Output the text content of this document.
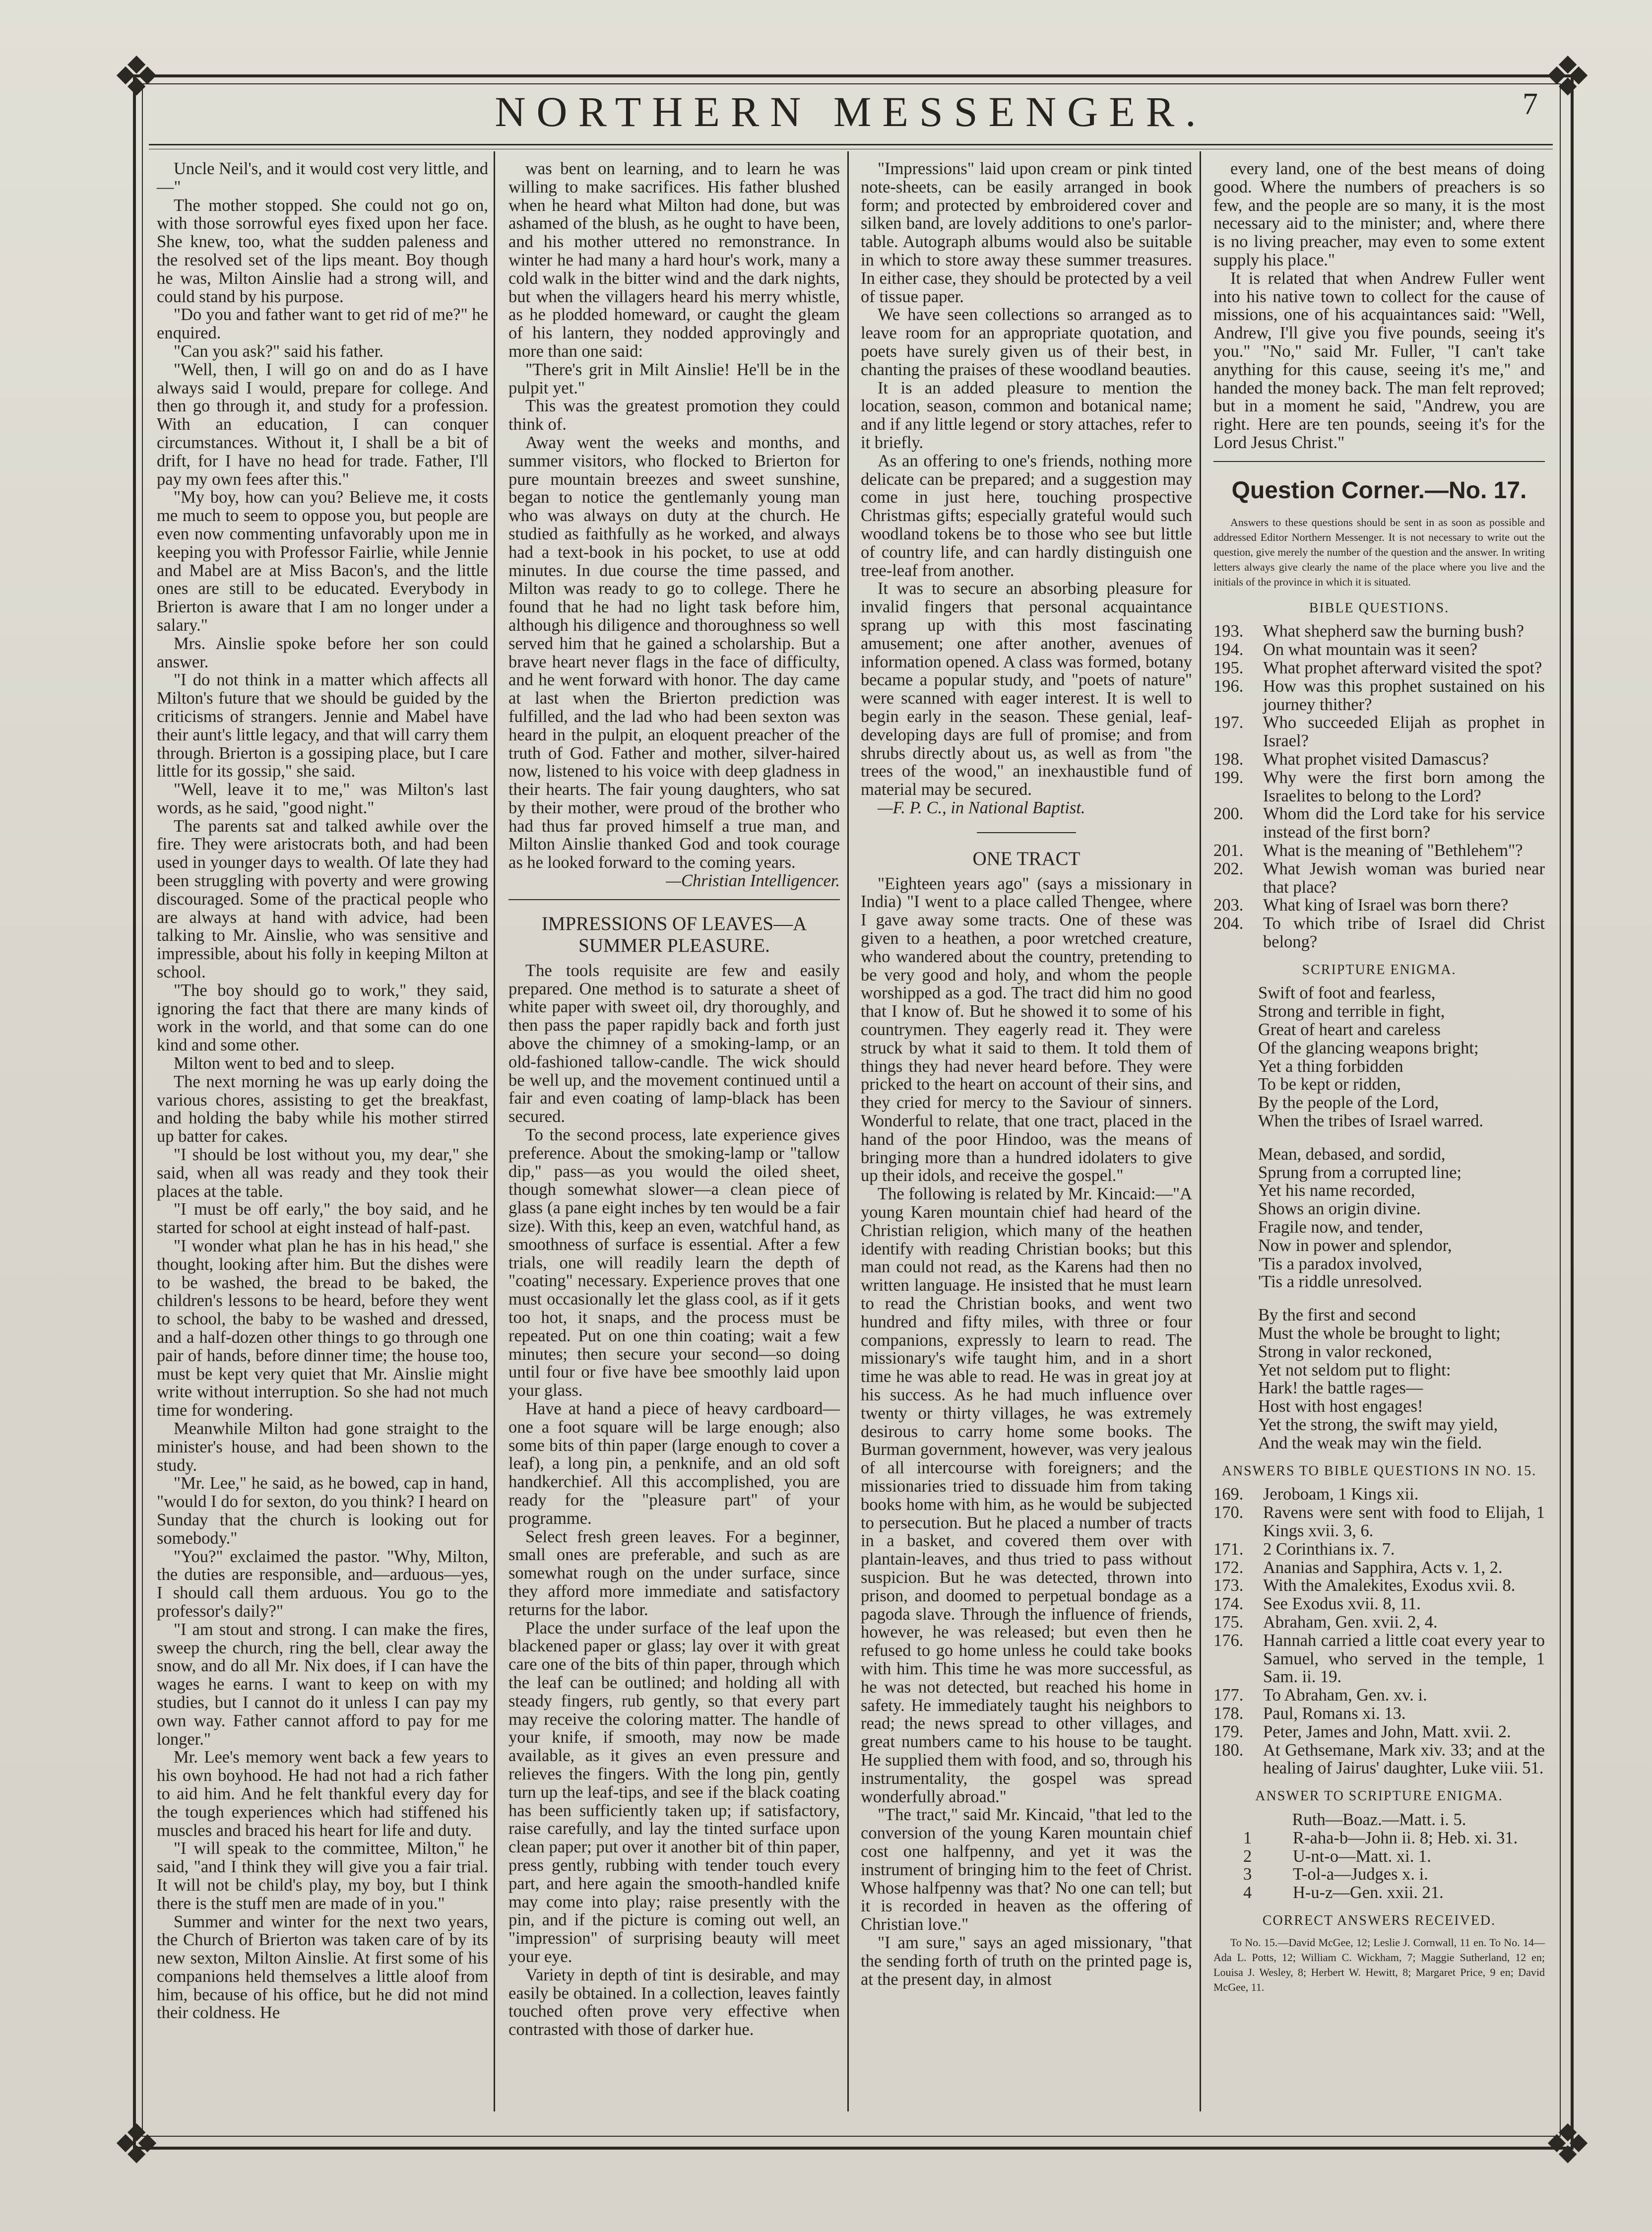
❖	❖
❖	❖
NORTHERN MESSENGER.	7

Uncle Neil's, and it would cost very little, and—"

The mother stopped. She could not go on, with those sorrowful eyes fixed upon her face. She knew, too, what the sudden paleness and the resolved set of the lips meant. Boy though he was, Milton Ainslie had a strong will, and could stand by his purpose.

"Do you and father want to get rid of me?" he enquired.

"Can you ask?" said his father.

"Well, then, I will go on and do as I have always said I would, prepare for college. And then go through it, and study for a profession. With an education, I can conquer circumstances. Without it, I shall be a bit of drift, for I have no head for trade. Father, I'll pay my own fees after this."

"My boy, how can you? Believe me, it costs me much to seem to oppose you, but people are even now commenting unfavorably upon me in keeping you with Professor Fairlie, while Jennie and Mabel are at Miss Bacon's, and the little ones are still to be educated. Everybody in Brierton is aware that I am no longer under a salary."

Mrs. Ainslie spoke before her son could answer.

"I do not think in a matter which affects all Milton's future that we should be guided by the criticisms of strangers. Jennie and Mabel have their aunt's little legacy, and that will carry them through. Brierton is a gossiping place, but I care little for its gossip," she said.

"Well, leave it to me," was Milton's last words, as he said, "good night."

The parents sat and talked awhile over the fire. They were aristocrats both, and had been used in younger days to wealth. Of late they had been struggling with poverty and were growing discouraged. Some of the practical people who are always at hand with advice, had been talking to Mr. Ainslie, who was sensitive and impressible, about his folly in keeping Milton at school.

"The boy should go to work," they said, ignoring the fact that there are many kinds of work in the world, and that some can do one kind and some other.

Milton went to bed and to sleep.

The next morning he was up early doing the various chores, assisting to get the breakfast, and holding the baby while his mother stirred up batter for cakes.

"I should be lost without you, my dear," she said, when all was ready and they took their places at the table.

"I must be off early," the boy said, and he started for school at eight instead of half-past.

"I wonder what plan he has in his head," she thought, looking after him. But the dishes were to be washed, the bread to be baked, the children's lessons to be heard, before they went to school, the baby to be washed and dressed, and a half-dozen other things to go through one pair of hands, before dinner time; the house too, must be kept very quiet that Mr. Ainslie might write without interruption. So she had not much time for wondering.

Meanwhile Milton had gone straight to the minister's house, and had been shown to the study.

"Mr. Lee," he said, as he bowed, cap in hand, "would I do for sexton, do you think? I heard on Sunday that the church is looking out for somebody."

"You?" exclaimed the pastor. "Why, Milton, the duties are responsible, and—arduous—yes, I should call them arduous. You go to the professor's daily?"

"I am stout and strong. I can make the fires, sweep the church, ring the bell, clear away the snow, and do all Mr. Nix does, if I can have the wages he earns. I want to keep on with my studies, but I cannot do it unless I can pay my own way. Father cannot afford to pay for me longer."

Mr. Lee's memory went back a few years to his own boyhood. He had not had a rich father to aid him. And he felt thankful every day for the tough experiences which had stiffened his muscles and braced his heart for life and duty.

"I will speak to the committee, Milton," he said, "and I think they will give you a fair trial. It will not be child's play, my boy, but I think there is the stuff men are made of in you."

Summer and winter for the next two years, the Church of Brierton was taken care of by its new sexton, Milton Ainslie. At first some of his companions held themselves a little aloof from him, because of his office, but he did not mind their coldness. He

was bent on learning, and to learn he was willing to make sacrifices. His father blushed when he heard what Milton had done, but was ashamed of the blush, as he ought to have been, and his mother uttered no remonstrance. In winter he had many a hard hour's work, many a cold walk in the bitter wind and the dark nights, but when the villagers heard his merry whistle, as he plodded homeward, or caught the gleam of his lantern, they nodded approvingly and more than one said:

"There's grit in Milt Ainslie! He'll be in the pulpit yet."

This was the greatest promotion they could think of.

Away went the weeks and months, and summer visitors, who flocked to Brierton for pure mountain breezes and sweet sunshine, began to notice the gentlemanly young man who was always on duty at the church. He studied as faithfully as he worked, and always had a text-book in his pocket, to use at odd minutes. In due course the time passed, and Milton was ready to go to college. There he found that he had no light task before him, although his diligence and thoroughness so well served him that he gained a scholarship. But a brave heart never flags in the face of difficulty, and he went forward with honor. The day came at last when the Brierton prediction was fulfilled, and the lad who had been sexton was heard in the pulpit, an eloquent preacher of the truth of God. Father and mother, silver-haired now, listened to his voice with deep gladness in their hearts. The fair young daughters, who sat by their mother, were proud of the brother who had thus far proved himself a true man, and Milton Ainslie thanked God and took courage as he looked forward to the coming years.

—Christian Intelligencer.

IMPRESSIONS OF LEAVES—A SUMMER PLEASURE.

The tools requisite are few and easily prepared. One method is to saturate a sheet of white paper with sweet oil, dry thoroughly, and then pass the paper rapidly back and forth just above the chimney of a smoking-lamp, or an old-fashioned tallow-candle. The wick should be well up, and the movement continued until a fair and even coating of lamp-black has been secured.

To the second process, late experience gives preference. About the smoking-lamp or "tallow dip," pass—as you would the oiled sheet, though somewhat slower—a clean piece of glass (a pane eight inches by ten would be a fair size). With this, keep an even, watchful hand, as smoothness of surface is essential. After a few trials, one will readily learn the depth of "coating" necessary. Experience proves that one must occasionally let the glass cool, as if it gets too hot, it snaps, and the process must be repeated. Put on one thin coating; wait a few minutes; then secure your second—so doing until four or five have bee smoothly laid upon your glass.

Have at hand a piece of heavy cardboard—one a foot square will be large enough; also some bits of thin paper (large enough to cover a leaf), a long pin, a penknife, and an old soft handkerchief. All this accomplished, you are ready for the "pleasure part" of your programme.

Select fresh green leaves. For a beginner, small ones are preferable, and such as are somewhat rough on the under surface, since they afford more immediate and satisfactory returns for the labor.

Place the under surface of the leaf upon the blackened paper or glass; lay over it with great care one of the bits of thin paper, through which the leaf can be outlined; and holding all with steady fingers, rub gently, so that every part may receive the coloring matter. The handle of your knife, if smooth, may now be made available, as it gives an even pressure and relieves the fingers. With the long pin, gently turn up the leaf-tips, and see if the black coating has been sufficiently taken up; if satisfactory, raise carefully, and lay the tinted surface upon clean paper; put over it another bit of thin paper, press gently, rubbing with tender touch every part, and here again the smooth-handled knife may come into play; raise presently with the pin, and if the picture is coming out well, an "impression" of surprising beauty will meet your eye.

Variety in depth of tint is desirable, and may easily be obtained. In a collection, leaves faintly touched often prove very effective when contrasted with those of darker hue.

"Impressions" laid upon cream or pink tinted note-sheets, can be easily arranged in book form; and protected by embroidered cover and silken band, are lovely additions to one's parlor-table. Autograph albums would also be suitable in which to store away these summer treasures. In either case, they should be protected by a veil of tissue paper.

We have seen collections so arranged as to leave room for an appropriate quotation, and poets have surely given us of their best, in chanting the praises of these woodland beauties.

It is an added pleasure to mention the location, season, common and botanical name; and if any little legend or story attaches, refer to it briefly.

As an offering to one's friends, nothing more delicate can be prepared; and a suggestion may come in just here, touching prospective Christmas gifts; especially grateful would such woodland tokens be to those who see but little of country life, and can hardly distinguish one tree-leaf from another.

It was to secure an absorbing pleasure for invalid fingers that personal acquaintance sprang up with this most fascinating amusement; one after another, avenues of information opened. A class was formed, botany became a popular study, and "poets of nature" were scanned with eager interest. It is well to begin early in the season. These genial, leaf-developing days are full of promise; and from shrubs directly about us, as well as from "the trees of the wood," an inexhaustible fund of material may be secured.

—F. P. C., in National Baptist.

ONE TRACT

"Eighteen years ago" (says a missionary in India) "I went to a place called Thengee, where I gave away some tracts. One of these was given to a heathen, a poor wretched creature, who wandered about the country, pretending to be very good and holy, and whom the people worshipped as a god. The tract did him no good that I know of. But he showed it to some of his countrymen. They eagerly read it. They were struck by what it said to them. It told them of things they had never heard before. They were pricked to the heart on account of their sins, and they cried for mercy to the Saviour of sinners. Wonderful to relate, that one tract, placed in the hand of the poor Hindoo, was the means of bringing more than a hundred idolaters to give up their idols, and receive the gospel."

The following is related by Mr. Kincaid:—"A young Karen mountain chief had heard of the Christian religion, which many of the heathen identify with reading Christian books; but this man could not read, as the Karens had then no written language. He insisted that he must learn to read the Christian books, and went two hundred and fifty miles, with three or four companions, expressly to learn to read. The missionary's wife taught him, and in a short time he was able to read. He was in great joy at his success. As he had much influence over twenty or thirty villages, he was extremely desirous to carry home some books. The Burman government, however, was very jealous of all intercourse with foreigners; and the missionaries tried to dissuade him from taking books home with him, as he would be subjected to persecution. But he placed a number of tracts in a basket, and covered them over with plantain-leaves, and thus tried to pass without suspicion. But he was detected, thrown into prison, and doomed to perpetual bondage as a pagoda slave. Through the influence of friends, however, he was released; but even then he refused to go home unless he could take books with him. This time he was more successful, as he was not detected, but reached his home in safety. He immediately taught his neighbors to read; the news spread to other villages, and great numbers came to his house to be taught. He supplied them with food, and so, through his instrumentality, the gospel was spread wonderfully abroad."

"The tract," said Mr. Kincaid, "that led to the conversion of the young Karen mountain chief cost one halfpenny, and yet it was the instrument of bringing him to the feet of Christ. Whose halfpenny was that? No one can tell; but it is recorded in heaven as the offering of Christian love."

"I am sure," says an aged missionary, "that the sending forth of truth on the printed page is, at the present day, in almost

every land, one of the best means of doing good. Where the numbers of preachers is so few, and the people are so many, it is the most necessary aid to the minister; and, where there is no living preacher, may even to some extent supply his place."

It is related that when Andrew Fuller went into his native town to collect for the cause of missions, one of his acquaintances said: "Well, Andrew, I'll give you five pounds, seeing it's you." "No," said Mr. Fuller, "I can't take anything for this cause, seeing it's me," and handed the money back. The man felt reproved; but in a moment he said, "Andrew, you are right. Here are ten pounds, seeing it's for the Lord Jesus Christ."

Question Corner.—No. 17.

Answers to these questions should be sent in as soon as possible and addressed Editor Northern Messenger. It is not necessary to write out the question, give merely the number of the question and the answer. In writing letters always give clearly the name of the place where you live and the initials of the province in which it is situated.

BIBLE QUESTIONS.
193.	What shepherd saw the burning bush?
194.	On what mountain was it seen?
195.	What prophet afterward visited the spot?
196.	How was this prophet sustained on his journey thither?
197.	Who succeeded Elijah as prophet in Israel?
198.	What prophet visited Damascus?
199.	Why were the first born among the Israelites to belong to the Lord?
200.	Whom did the Lord take for his service instead of the first born?
201.	What is the meaning of "Bethlehem"?
202.	What Jewish woman was buried near that place?
203.	What king of Israel was born there?
204.	To which tribe of Israel did Christ belong?
SCRIPTURE ENIGMA.
Swift of foot and fearless,
Strong and terrible in fight,
Great of heart and careless
Of the glancing weapons bright;
Yet a thing forbidden
To be kept or ridden,
By the people of the Lord,
When the tribes of Israel warred.
Mean, debased, and sordid,
Sprung from a corrupted line;
Yet his name recorded,
Shows an origin divine.
Fragile now, and tender,
Now in power and splendor,
'Tis a paradox involved,
'Tis a riddle unresolved.
By the first and second
Must the whole be brought to light;
Strong in valor reckoned,
Yet not seldom put to flight:
Hark! the battle rages—
Host with host engages!
Yet the strong, the swift may yield,
And the weak may win the field.
ANSWERS TO BIBLE QUESTIONS IN NO. 15.
169.	Jeroboam, 1 Kings xii.
170.	Ravens were sent with food to Elijah, 1 Kings xvii. 3, 6.
171.	2 Corinthians ix. 7.
172.	Ananias and Sapphira, Acts v. 1, 2.
173.	With the Amalekites, Exodus xvii. 8.
174.	See Exodus xvii. 8, 11.
175.	Abraham, Gen. xvii. 2, 4.
176.	Hannah carried a little coat every year to Samuel, who served in the temple, 1 Sam. ii. 19.
177.	To Abraham, Gen. xv. i.
178.	Paul, Romans xi. 13.
179.	Peter, James and John, Matt. xvii. 2.
180.	At Gethsemane, Mark xiv. 33; and at the healing of Jairus' daughter, Luke viii. 51.
ANSWER TO SCRIPTURE ENIGMA.

Ruth—Boaz.—Matt. i. 5.

1	R-aha-b—John ii. 8; Heb. xi. 31.
2	U-nt-o—Matt. xi. 1.
3	T-ol-a—Judges x. i.
4	H-u-z—Gen. xxii. 21.
CORRECT ANSWERS RECEIVED.

To No. 15.—David McGee, 12; Leslie J. Cornwall, 11 en. To No. 14—Ada L. Potts, 12; William C. Wickham, 7; Maggie Sutherland, 12 en; Louisa J. Wesley, 8; Herbert W. Hewitt, 8; Margaret Price, 9 en; David McGee, 11.
